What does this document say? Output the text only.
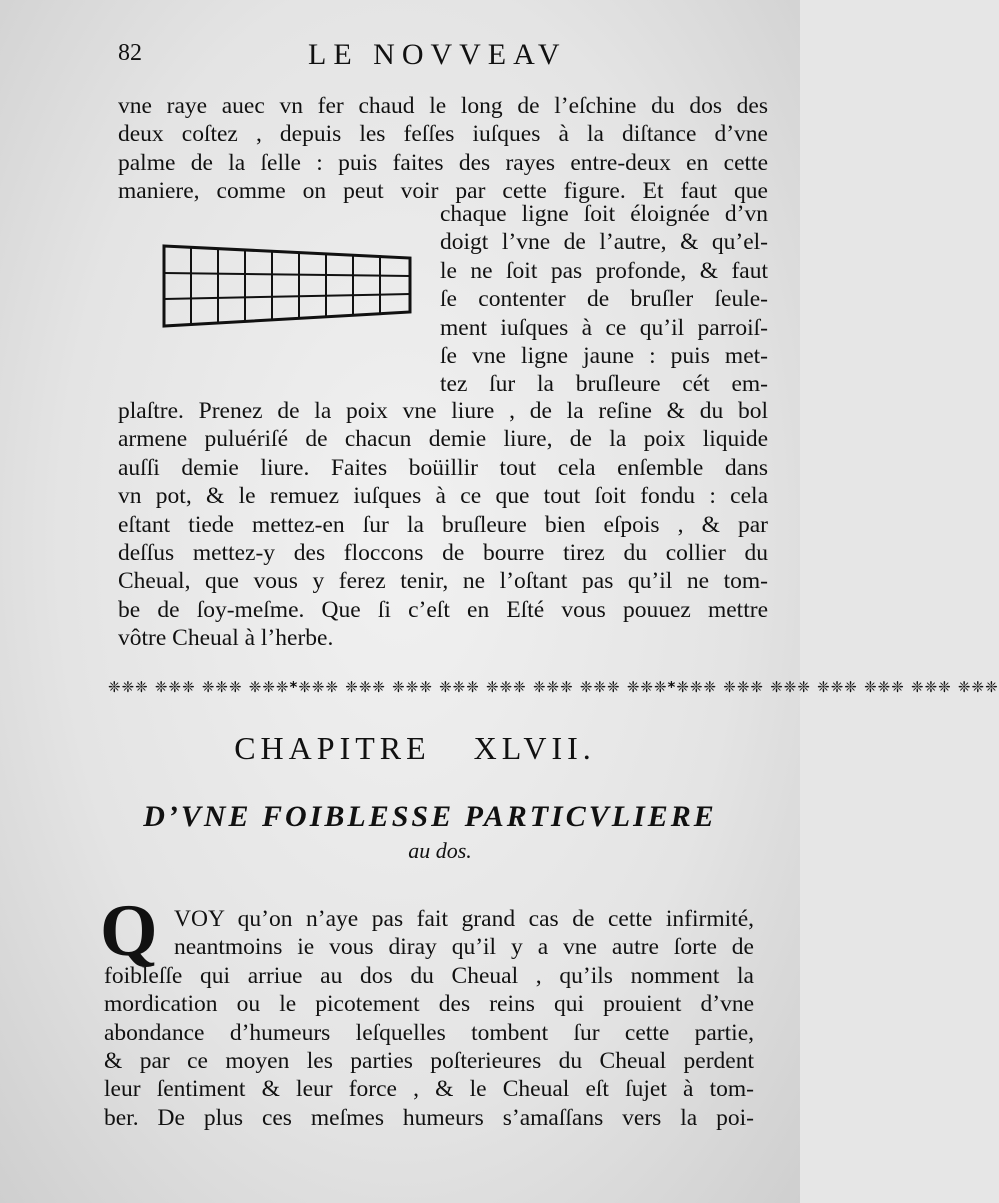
82	LE NOVVEAV
vne raye auec vn fer chaud le long de l’eſchine du dos des
deux coſtez , depuis les feſſes iuſques à la diſtance d’vne
palme de la ſelle : puis faites des rayes entre-deux en cette
maniere, comme on peut voir par cette figure. Et faut que
chaque ligne ſoit éloignée d’vn
doigt l’vne de l’autre, & qu’el-
le ne ſoit pas profonde, & faut
ſe contenter de bruſler ſeule-
ment iuſques à ce qu’il parroiſ-
ſe vne ligne jaune : puis met-
tez ſur la bruſleure cét em-
plaſtre. Prenez de la poix vne liure , de la reſine & du bol
armene puluériſé de chacun demie liure, de la poix liquide
auſſi demie liure. Faites boüillir tout cela enſemble dans
vn pot, & le remuez iuſques à ce que tout ſoit fondu : cela
eſtant tiede mettez-en ſur la bruſleure bien eſpois , & par
deſſus mettez-y des floccons de bourre tirez du collier du
Cheual, que vous y ferez tenir, ne l’oſtant pas qu’il ne tom-
be de ſoy-meſme. Que ſi c’eſt en Eſté vous pouuez mettre
vôtre Cheual à l’herbe.
❈❈❈ ❈❈❈ ❈❈❈ ❈❈❈*❈❈❈ ❈❈❈ ❈❈❈ ❈❈❈ ❈❈❈ ❈❈❈ ❈❈❈ ❈❈❈*❈❈❈ ❈❈❈ ❈❈❈ ❈❈❈ ❈❈❈ ❈❈❈ ❈❈❈
CHAPITRE XLVII.
D’VNE FOIBLESSE PARTICVLIERE
au dos.
Q VOY qu’on n’aye pas fait grand cas de cette infirmité,
neantmoins ie vous diray qu’il y a vne autre ſorte de
foibleſſe qui arriue au dos du Cheual , qu’ils nomment la
mordication ou le picotement des reins qui prouient d’vne
abondance d’humeurs leſquelles tombent ſur cette partie,
& par ce moyen les parties poſterieures du Cheual perdent
leur ſentiment & leur force , & le Cheual eſt ſujet à tom-
ber. De plus ces meſmes humeurs s’amaſſans vers la poi-
